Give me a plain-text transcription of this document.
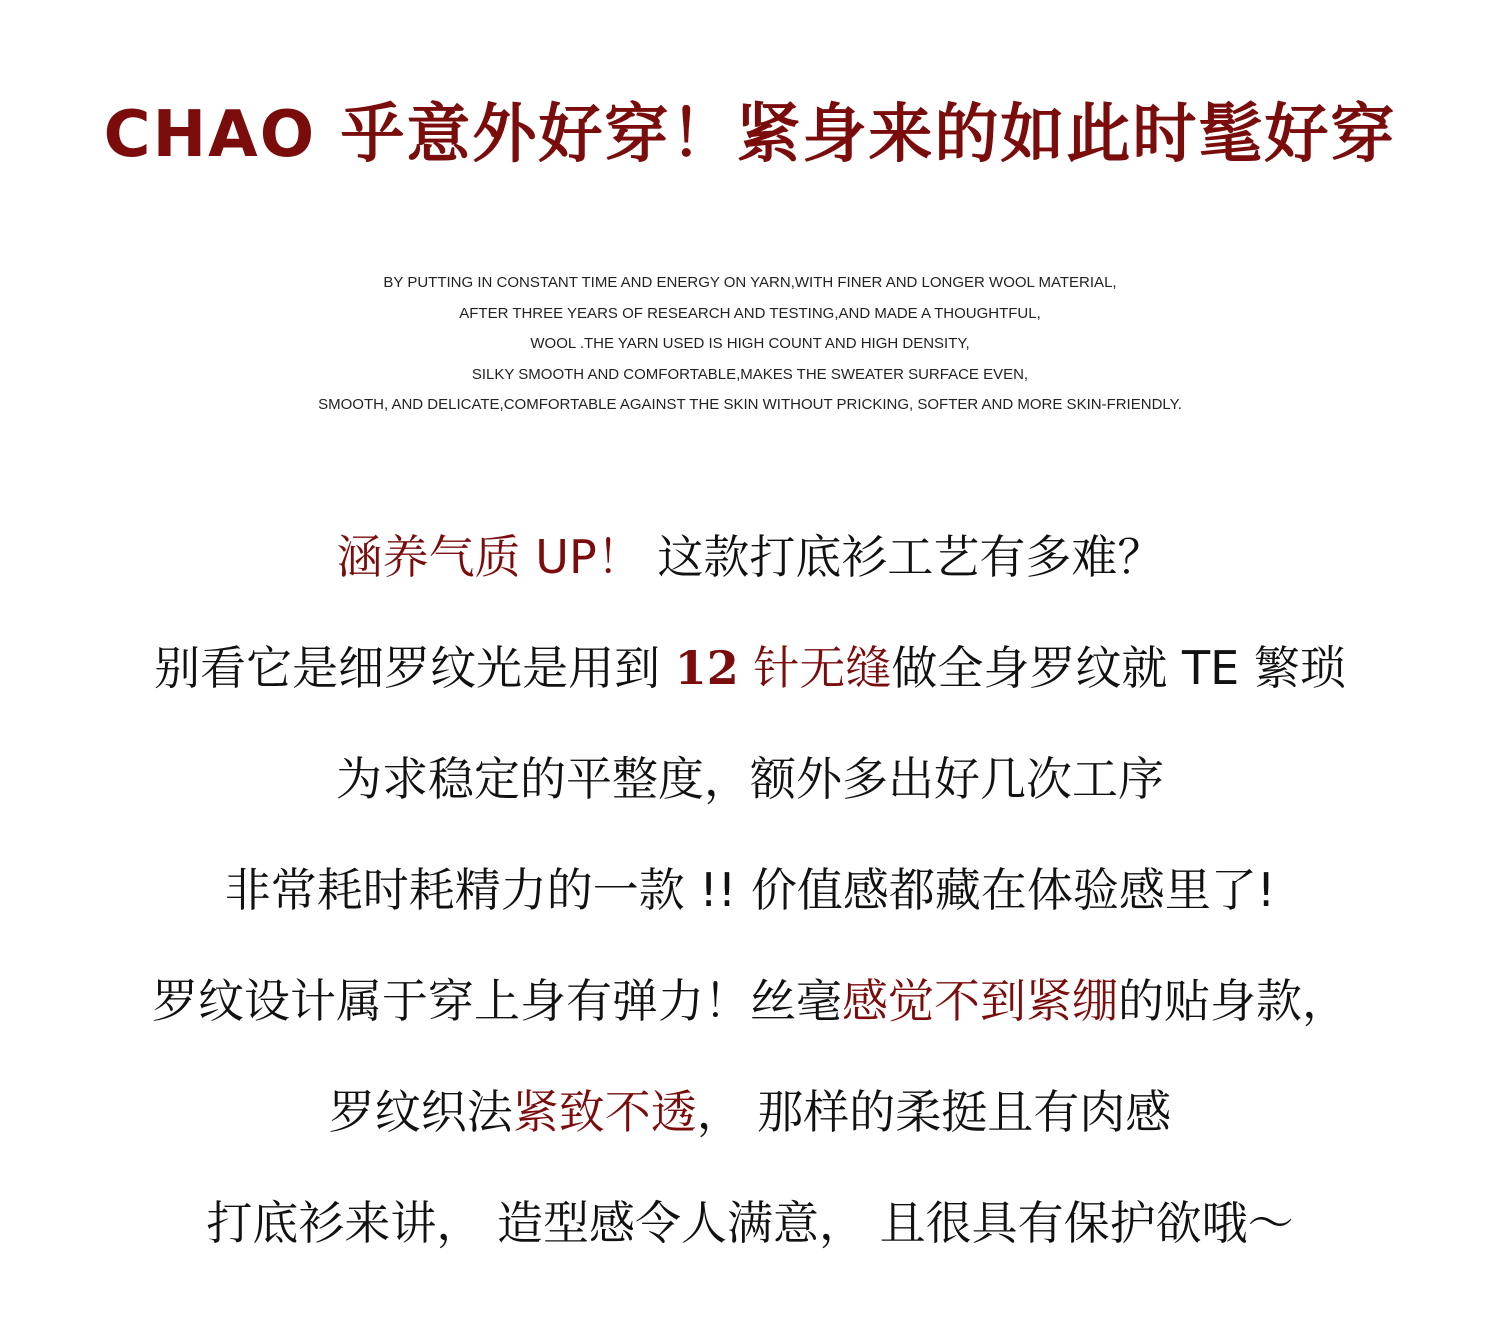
CHAO 乎意外好穿！紧身来的如此时髦好穿
BY PUTTING IN CONSTANT TIME AND ENERGY ON YARN,WITH FINER AND LONGER WOOL MATERIAL,
AFTER THREE YEARS OF RESEARCH AND TESTING,AND MADE A THOUGHTFUL,
WOOL .THE YARN USED IS HIGH COUNT AND HIGH DENSITY,
SILKY SMOOTH AND COMFORTABLE,MAKES THE SWEATER SURFACE EVEN,
SMOOTH, AND DELICATE,COMFORTABLE AGAINST THE SKIN WITHOUT PRICKING, SOFTER AND MORE SKIN-FRIENDLY.
涵养气质 UP！ 这款打底衫工艺有多难？
别看它是细罗纹光是用到 12 针无缝做全身罗纹就 TE 繁琐
为求稳定的平整度，额外多出好几次工序
非常耗时耗精力的一款 !! 价值感都藏在体验感里了!
罗纹设计属于穿上身有弹力！丝毫感觉不到紧绷的贴身款，
罗纹织法紧致不透， 那样的柔挺且有肉感
打底衫来讲， 造型感令人满意， 且很具有保护欲哦～
